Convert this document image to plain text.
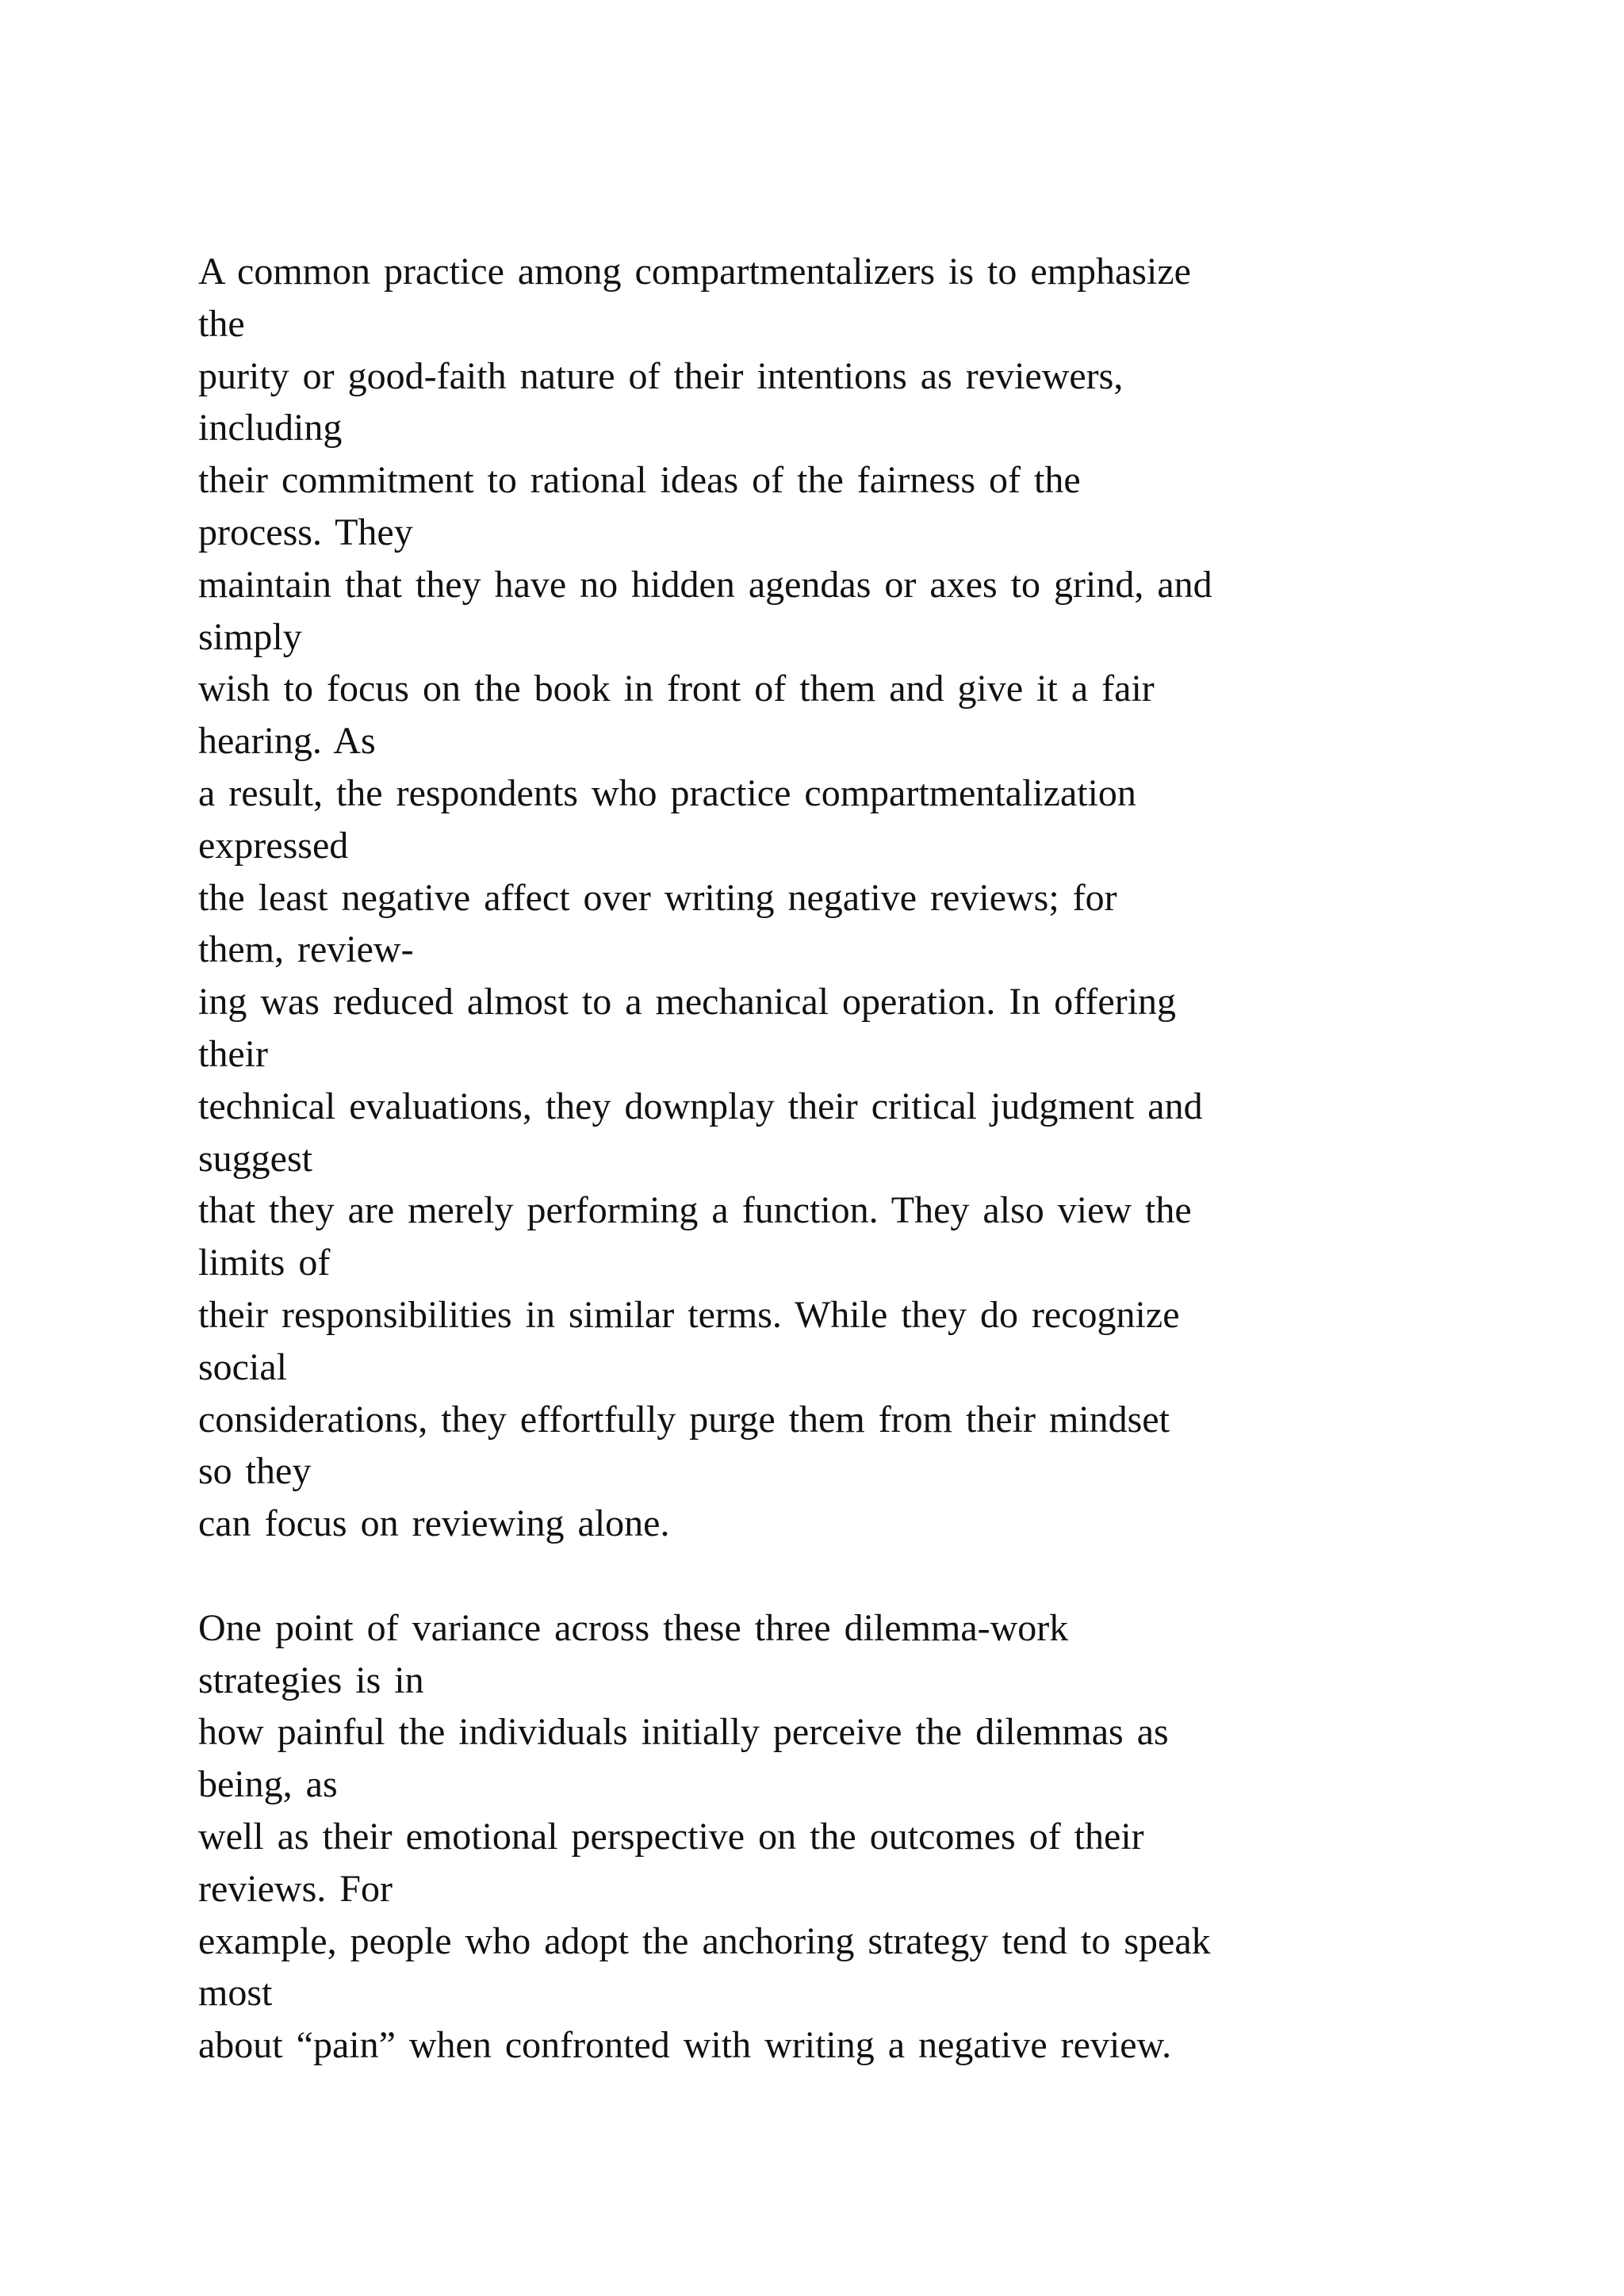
A common practice among compartmentalizers is to emphasize
the
purity or good-faith nature of their intentions as reviewers,
including
their commitment to rational ideas of the fairness of the
process. They
maintain that they have no hidden agendas or axes to grind, and
simply
wish to focus on the book in front of them and give it a fair
hearing. As
a result, the respondents who practice compartmentalization
expressed
the least negative affect over writing negative reviews; for
them, review-
ing was reduced almost to a mechanical operation. In offering
their
technical evaluations, they downplay their critical judgment and
suggest
that they are merely performing a function. They also view the
limits of
their responsibilities in similar terms. While they do recognize
social
considerations, they effortfully purge them from their mindset
so they
can focus on reviewing alone.
One point of variance across these three dilemma-work
strategies is in
how painful the individuals initially perceive the dilemmas as
being, as
well as their emotional perspective on the outcomes of their
reviews. For
example, people who adopt the anchoring strategy tend to speak
most
about “pain” when confronted with writing a negative review.
